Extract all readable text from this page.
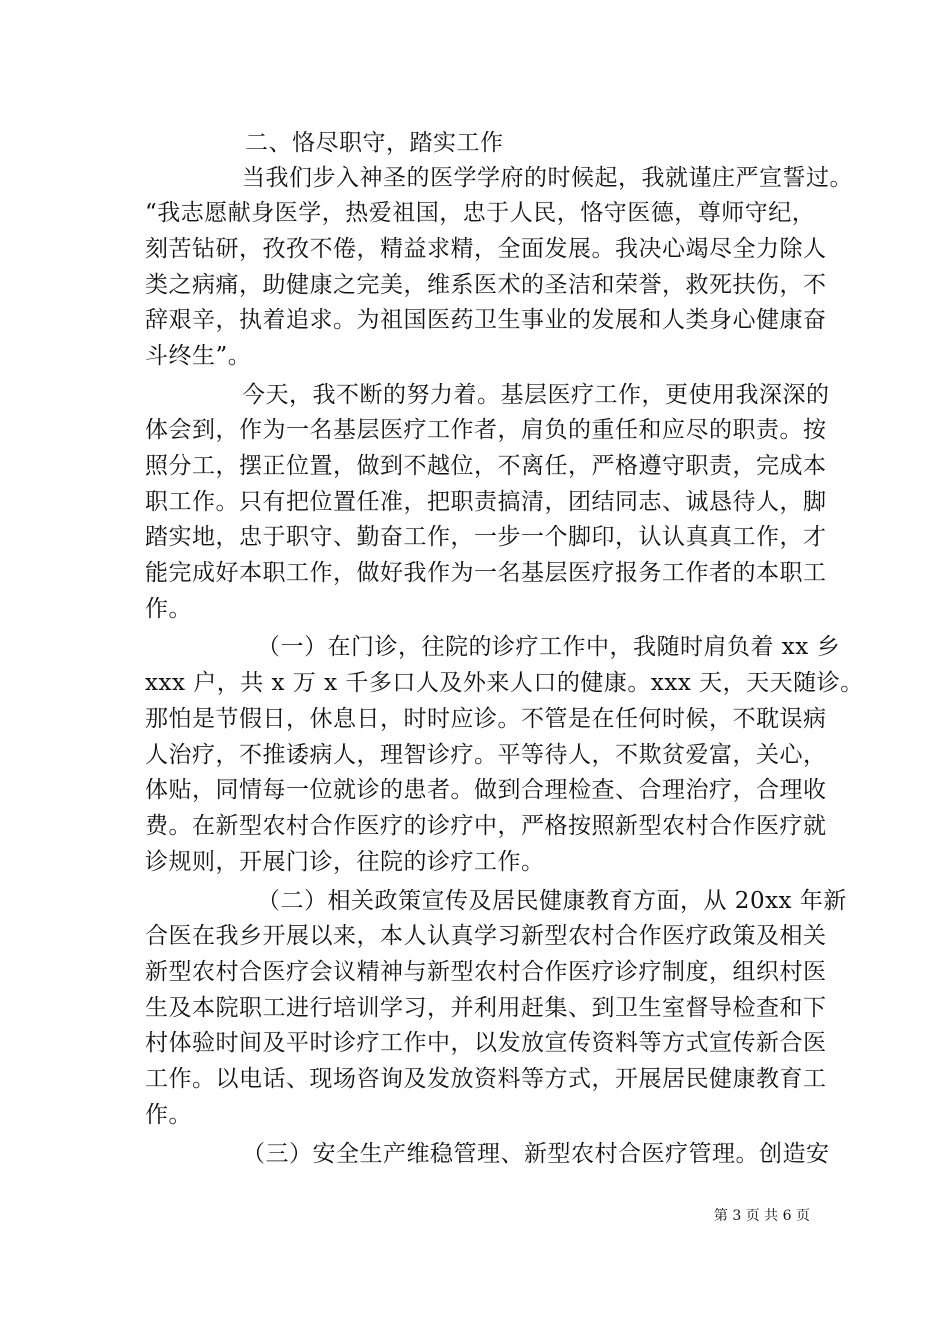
二、恪尽职守，踏实工作
当我们步入神圣的医学学府的时候起，我就谨庄严宣誓过。
“我志愿献身医学，热爱祖国，忠于人民，恪守医德，尊师守纪，
刻苦钻研，孜孜不倦，精益求精，全面发展。我决心竭尽全力除人
类之病痛，助健康之完美，维系医术的圣洁和荣誉，救死扶伤，不
辞艰辛，执着追求。为祖国医药卫生事业的发展和人类身心健康奋
斗终生”。
今天，我不断的努力着。基层医疗工作，更使用我深深的
体会到，作为一名基层医疗工作者，肩负的重任和应尽的职责。按
照分工，摆正位置，做到不越位，不离任，严格遵守职责，完成本
职工作。只有把位置任准，把职责搞清，团结同志、诚恳待人，脚
踏实地，忠于职守、勤奋工作，一步一个脚印，认认真真工作，才
能完成好本职工作，做好我作为一名基层医疗报务工作者的本职工
作。
（一）在门诊，往院的诊疗工作中，我随时肩负着 xx 乡
xxx 户，共 x 万 x 千多口人及外来人口的健康。xxx 天，天天随诊。
那怕是节假日，休息日，时时应诊。不管是在任何时候，不耽误病
人治疗，不推诿病人，理智诊疗。平等待人，不欺贫爱富，关心，
体贴，同情每一位就诊的患者。做到合理检查、合理治疗，合理收
费。在新型农村合作医疗的诊疗中，严格按照新型农村合作医疗就
诊规则，开展门诊，往院的诊疗工作。
（二）相关政策宣传及居民健康教育方面，从 20xx 年新
合医在我乡开展以来，本人认真学习新型农村合作医疗政策及相关
新型农村合医疗会议精神与新型农村合作医疗诊疗制度，组织村医
生及本院职工进行培训学习，并利用赶集、到卫生室督导检查和下
村体验时间及平时诊疗工作中，以发放宣传资料等方式宣传新合医
工作。以电话、现场咨询及发放资料等方式，开展居民健康教育工
作。
（三）安全生产维稳管理、新型农村合医疗管理。创造安
第 3 页 共 6 页
